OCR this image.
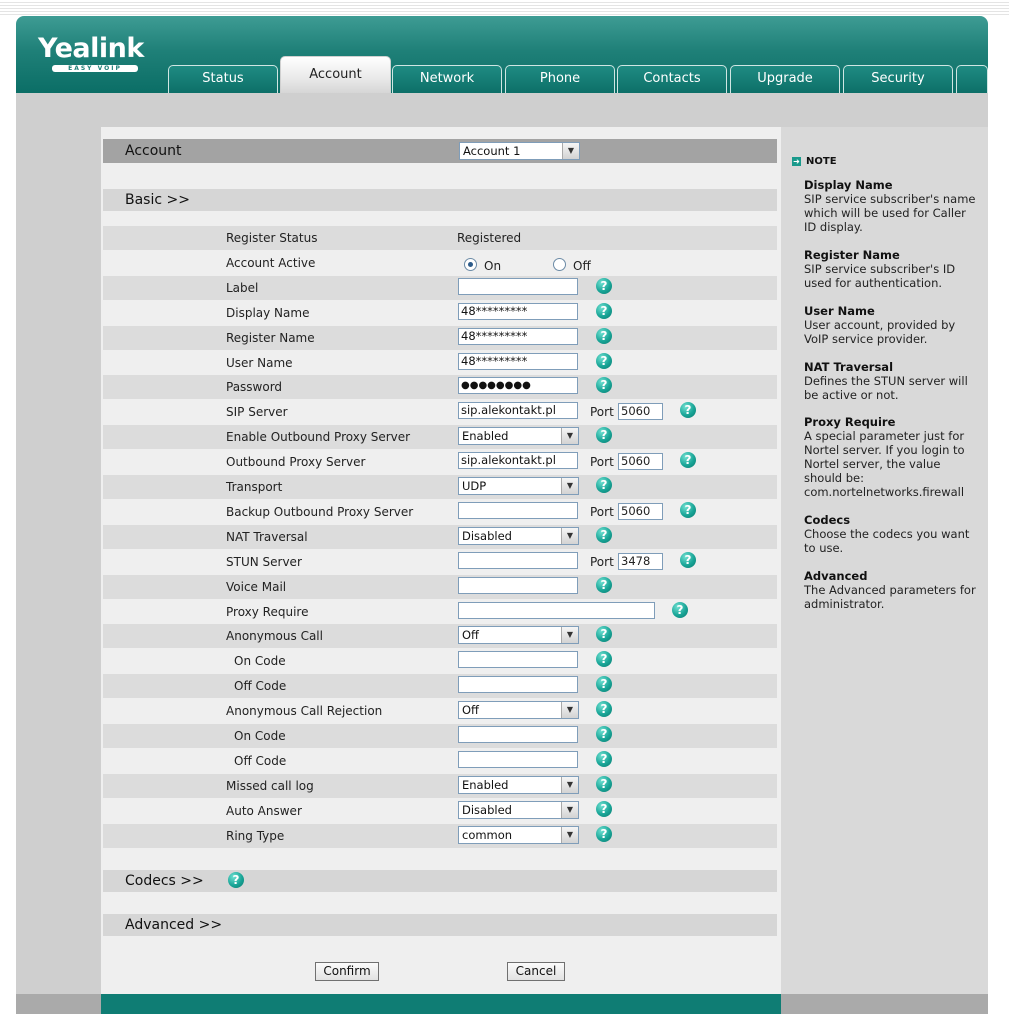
Yealink
EASY VOIP
Status	Account	Network	Phone	Contacts	Upgrade	Security
Account	Account 1	▼
Basic >>
Register Status	Registered
Account Active	On	Off
Label	?
Display Name	48*********	?
Register Name	48*********	?
User Name	48*********	?
Password	●●●●●●●●	?
SIP Server	sip.alekontakt.pl	Port 5060	?
Enable Outbound Proxy Server	Enabled	▼	?
Outbound Proxy Server	sip.alekontakt.pl	Port 5060	?
Transport	UDP	▼	?
Backup Outbound Proxy Server	Port 5060	?
NAT Traversal	Disabled	▼	?
STUN Server	Port 3478	?
Voice Mail	?
Proxy Require	?
Anonymous Call	Off	▼	?
On Code	?
Off Code	?
Anonymous Call Rejection	Off	▼	?
On Code	?
Off Code	?
Missed call log	Enabled	▼	?
Auto Answer	Disabled	▼	?
Ring Type	common	▼	?
Codecs >>	?
Advanced >>
Confirm	Cancel
➜ NOTE
Display Name
SIP service subscriber's name which will be used for Caller ID display.
Register Name
SIP service subscriber's ID used for authentication.
User Name
User account, provided by VoIP service provider.
NAT Traversal
Defines the STUN server will be active or not.
Proxy Require
A special parameter just for Nortel server. If you login to Nortel server, the value should be: com.nortelnetworks.firewall
Codecs
Choose the codecs you want to use.
Advanced
The Advanced parameters for administrator.
